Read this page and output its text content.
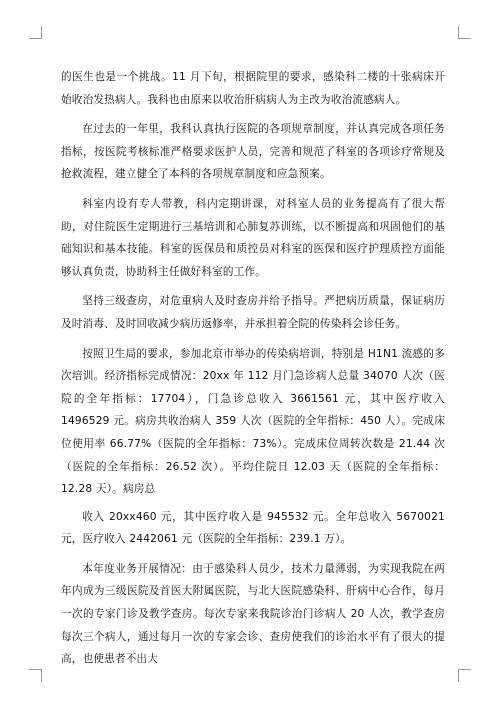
的医生也是一个挑战。11 月下旬，根据院里的要求，感染科二楼的十张病床开始收治发热病人。我科也由原来以收治肝病病人为主改为收治流感病人。

在过去的一年里，我科认真执行医院的各项规章制度，并认真完成各项任务指标，按医院考核标准严格要求医护人员，完善和规范了科室的各项诊疗常规及抢救流程，建立健全了本科的各项规章制度和应急预案。

科室内设有专人带教，科内定期讲课，对科室人员的业务提高有了很大帮助，对住院医生定期进行三基培训和心肺复苏训练，以不断提高和巩固他们的基础知识和基本技能。科室的医保员和质控员对科室的医保和医疗护理质控方面能够认真负责，协助科主任做好科室的工作。

坚持三级查房，对危重病人及时查房并给予指导。严把病历质量，保证病历及时消毒、及时回收减少病历返修率，并承担着全院的传染科会诊任务。

按照卫生局的要求，参加北京市举办的传染病培训，特别是 H1N1 流感的多次培训。经济指标完成情况：20xx 年 112 月门急诊病人总量 34070 人次（医院的全年指标：17704），门急诊总收入 3661561 元，其中医疗收入 1496529 元。病房共收治病人 359 人次（医院的全年指标：450 人）。完成床位使用率 66.77%（医院的全年指标：73%）。完成床位周转次数是 21.44 次（医院的全年指标：26.52 次）。平均住院日 12.03 天（医院的全年指标：12.28 天）。病房总

收入 20xx460 元，其中医疗收入是 945532 元。全年总收入 5670021 元，医疗收入 2442061 元（医院的全年指标：239.1 万）。

本年度业务开展情况：由于感染科人员少，技术力量薄弱，为实现我院在两年内成为三级医院及首医大附属医院，与北大医院感染科、肝病中心合作，每月一次的专家门诊及教学查房。每次专家来我院诊治门诊病人 20 人次，教学查房每次三个病人，通过每月一次的专家会诊、查房使我们的诊治水平有了很大的提高，也使患者不出大
